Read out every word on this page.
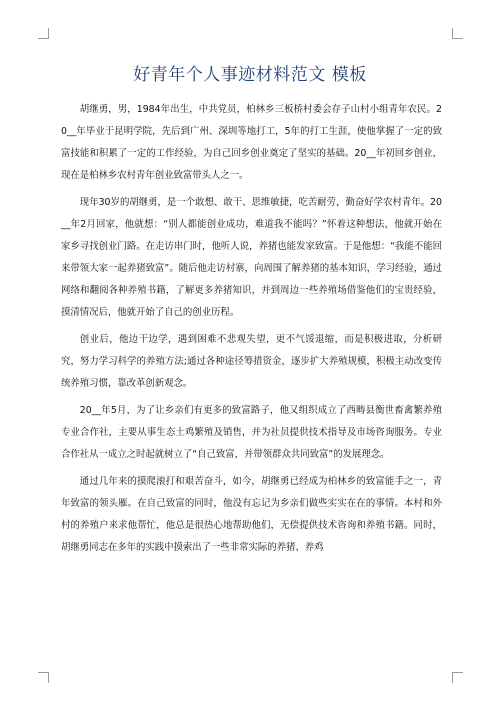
好青年个人事迹材料范文 模板

胡继勇，男，1984年出生，中共党员，柏林乡三板桥村委会存子山村小组青年农民。20__年毕业于昆明学院，先后到广州、深圳等地打工，5年的打工生涯，使他掌握了一定的致富技能和积累了一定的工作经验，为自己回乡创业奠定了坚实的基础。20__年初回乡创业，现在是柏林乡农村青年创业致富带头人之一。

现年30岁的胡继勇，是一个敢想、敢干、思维敏捷，吃苦耐劳，勤奋好学农村青年。20__年2月回家，他就想：“别人都能创业成功，难道我不能吗？”怀着这种想法，他就开始在家乡寻找创业门路。在走访串门时，他听人说，养猪也能发家致富。于是他想：“我能不能回来带领大家一起养猪致富”。随后他走访村寨，向周围了解养猪的基本知识，学习经验，通过网络和翻阅各种养殖书籍，了解更多养猪知识，并到周边一些养殖场借鉴他们的宝贵经验，摸清情况后，他就开始了自己的创业历程。

创业后，他边干边学，遇到困难不悲观失望，更不气馁退缩，而是积极进取，分析研究，努力学习科学的养殖方法;通过各种途径筹措资金，逐步扩大养殖规模，积极主动改变传统养殖习惯，靠改革创新观念。

20__年5月，为了让乡亲们有更多的致富路子，他又组织成立了西畴县衡世畜禽繁养殖专业合作社，主要从事生态土鸡繁殖及销售，并为社员提供技术指导及市场咨询服务。专业合作社从一成立之时起就树立了“自己致富，并带领群众共同致富”的发展理念。

通过几年来的摸爬滚打和艰苦奋斗，如今，胡继勇已经成为柏林乡的致富能手之一，青年致富的领头雁。在自己致富的同时，他没有忘记为乡亲们做些实实在在的事情。本村和外村的养殖户来求他帮忙，他总是很热心地帮助他们，无偿提供技术咨询和养殖书籍。同时，胡继勇同志在多年的实践中摸索出了一些非常实际的养猪、养鸡
